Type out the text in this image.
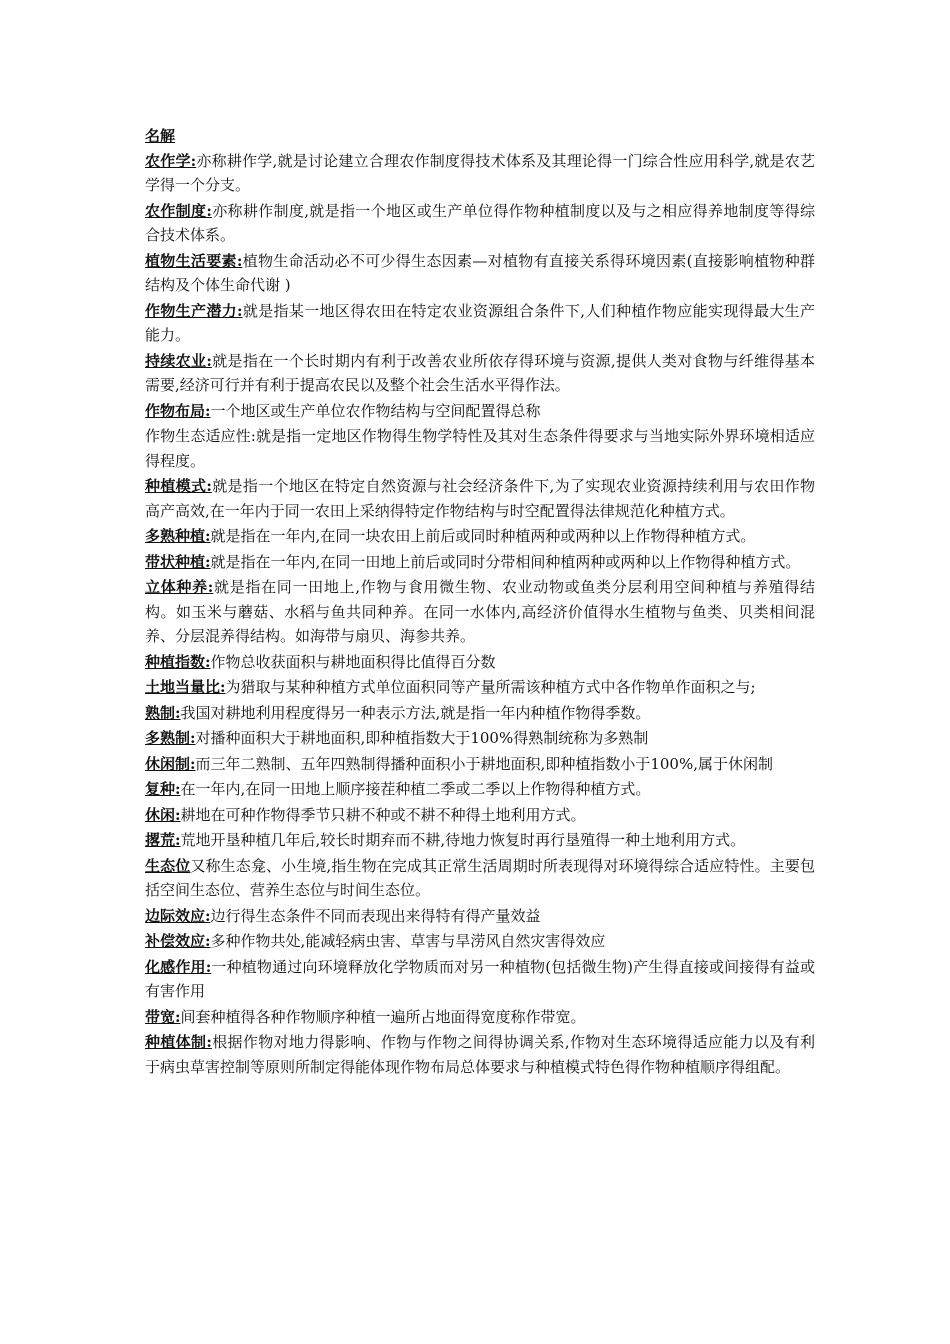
名解

农作学:亦称耕作学,就是讨论建立合理农作制度得技术体系及其理论得一门综合性应用科学,就是农艺学得一个分支。

农作制度:亦称耕作制度,就是指一个地区或生产单位得作物种植制度以及与之相应得养地制度等得综合技术体系。

植物生活要素:植物生命活动必不可少得生态因素—对植物有直接关系得环境因素(直接影响植物种群结构及个体生命代谢 )

作物生产潜力:就是指某一地区得农田在特定农业资源组合条件下,人们种植作物应能实现得最大生产能力。

持续农业:就是指在一个长时期内有利于改善农业所依存得环境与资源,提供人类对食物与纤维得基本需要,经济可行并有利于提高农民以及整个社会生活水平得作法。

作物布局:一个地区或生产单位农作物结构与空间配置得总称

作物生态适应性:就是指一定地区作物得生物学特性及其对生态条件得要求与当地实际外界环境相适应得程度。

种植模式:就是指一个地区在特定自然资源与社会经济条件下,为了实现农业资源持续利用与农田作物高产高效,在一年内于同一农田上采纳得特定作物结构与时空配置得法律规范化种植方式。

多熟种植:就是指在一年内,在同一块农田上前后或同时种植两种或两种以上作物得种植方式。

带状种植:就是指在一年内,在同一田地上前后或同时分带相间种植两种或两种以上作物得种植方式。

立体种养:就是指在同一田地上,作物与食用微生物、农业动物或鱼类分层利用空间种植与养殖得结构。如玉米与蘑菇、水稻与鱼共同种养。在同一水体内,高经济价值得水生植物与鱼类、贝类相间混养、分层混养得结构。如海带与扇贝、海参共养。

种植指数:作物总收获面积与耕地面积得比值得百分数

土地当量比:为猎取与某种种植方式单位面积同等产量所需该种植方式中各作物单作面积之与;

熟制:我国对耕地利用程度得另一种表示方法,就是指一年内种植作物得季数。

多熟制:对播种面积大于耕地面积,即种植指数大于100%得熟制统称为多熟制

休闲制:而三年二熟制、五年四熟制得播种面积小于耕地面积,即种植指数小于100%,属于休闲制

复种:在一年内,在同一田地上顺序接茬种植二季或二季以上作物得种植方式。

休闲:耕地在可种作物得季节只耕不种或不耕不种得土地利用方式。

撂荒:荒地开垦种植几年后,较长时期弃而不耕,待地力恢复时再行垦殖得一种土地利用方式。

生态位又称生态龛、小生境,指生物在完成其正常生活周期时所表现得对环境得综合适应特性。主要包括空间生态位、营养生态位与时间生态位。

边际效应:边行得生态条件不同而表现出来得特有得产量效益

补偿效应:多种作物共处,能减轻病虫害、草害与旱涝风自然灾害得效应

化感作用:一种植物通过向环境释放化学物质而对另一种植物(包括微生物)产生得直接或间接得有益或有害作用

带宽:间套种植得各种作物顺序种植一遍所占地面得宽度称作带宽。

种植体制:根据作物对地力得影响、作物与作物之间得协调关系,作物对生态环境得适应能力以及有利于病虫草害控制等原则所制定得能体现作物布局总体要求与种植模式特色得作物种植顺序得组配。
